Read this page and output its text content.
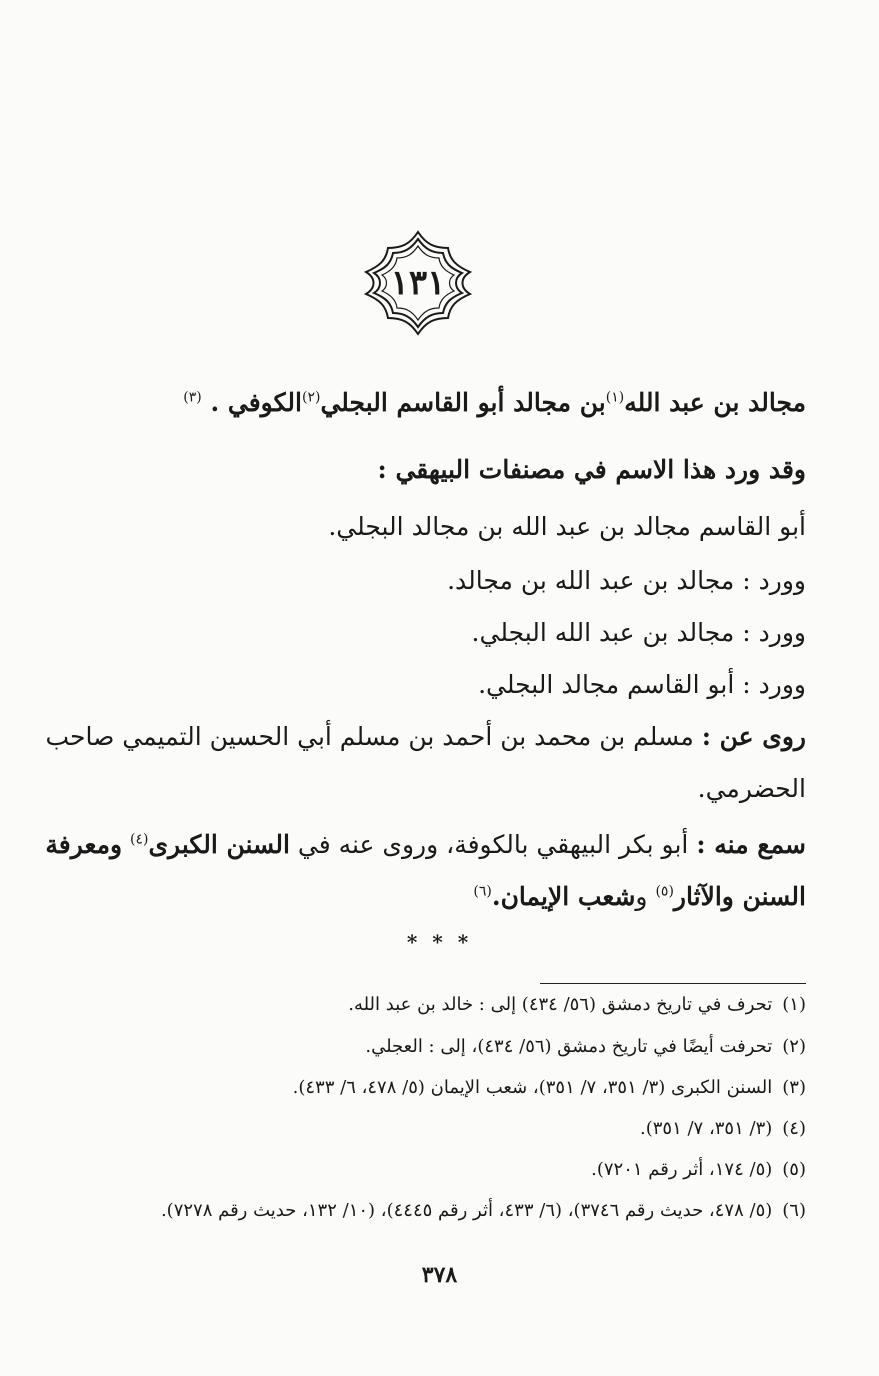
١٣١
مجالد بن عبد الله$^{(١)}$بن مجالد أبو القاسم البجلي$^{(٢)}$الكوفي . $^{(٣)}$
وقد ورد هذا الاسم في مصنفات البيهقي :
أبو القاسم مجالد بن عبد الله بن مجالد البجلي.
وورد : مجالد بن عبد الله بن مجالد.
وورد : مجالد بن عبد الله البجلي.
وورد : أبو القاسم مجالد البجلي.
روى عن : مسلم بن محمد بن أحمد بن مسلم أبي الحسين التميمي صاحب
الحضرمي.
سمع منه : أبو بكر البيهقي بالكوفة، وروى عنه في السنن الكبرى$^{(٤)}$ ومعرفة
السنن والآثار$^{(٥)}$ وشعب الإيمان.$^{(٦)}$
* * *
(١)تحرف في تاريخ دمشق (٥٦/ ٤٣٤) إلى : خالد بن عبد الله.
(٢)تحرفت أيضًا في تاريخ دمشق (٥٦/ ٤٣٤)، إلى : العجلي.
(٣)السنن الكبرى (٣/ ٣٥١، ٧/ ٣٥١)، شعب الإيمان (٥/ ٤٧٨، ٦/ ٤٣٣).
(٤)(٣/ ٣٥١، ٧/ ٣٥١).
(٥)(٥/ ١٧٤، أثر رقم ٧٢٠١).
(٦)(٥/ ٤٧٨، حديث رقم ٣٧٤٦)، (٦/ ٤٣٣، أثر رقم ٤٤٤٥)، (١٠/ ١٣٢، حديث رقم ٧٢٧٨).
٣٧٨
